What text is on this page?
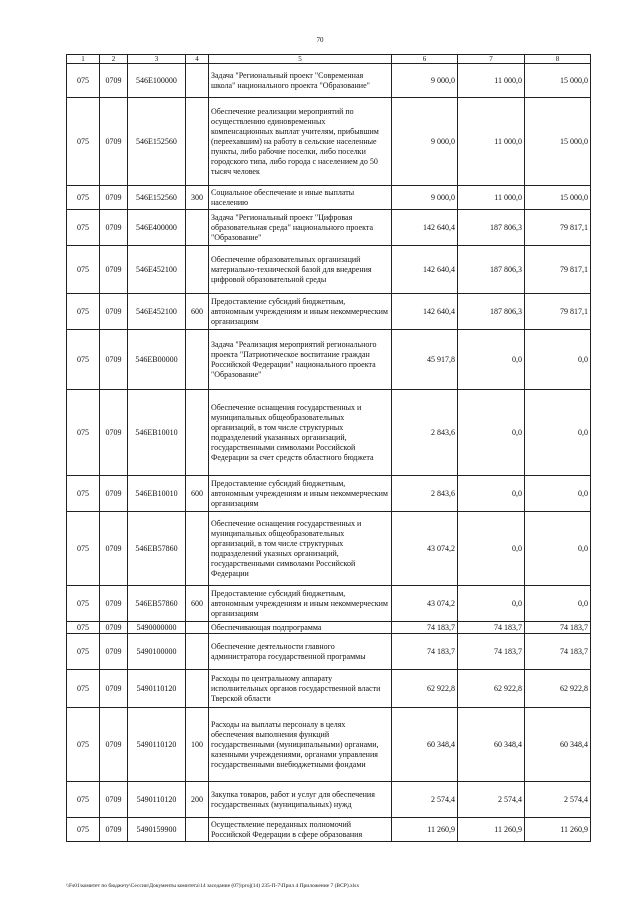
70
1	2	3	4	5	6	7	8
075	0709	546E100000		Задача "Региональный проект "Современная школа" национального проекта "Образование"	9 000,0	11 000,0	15 000,0
075	0709	546E152560		Обеспечение реализации мероприятий по осуществлению единовременных компенсационных выплат учителям, прибывшим (переехавшим) на работу в сельские населенные пункты, либо рабочие поселки, либо поселки городского типа, либо города с населением до 50 тысяч человек	9 000,0	11 000,0	15 000,0
075	0709	546E152560	300	Социальное обеспечение и иные выплаты населению	9 000,0	11 000,0	15 000,0
075	0709	546E400000		Задача "Региональный проект "Цифровая образовательная среда" национального проекта "Образование"	142 640,4	187 806,3	79 817,1
075	0709	546E452100		Обеспечение образовательных организаций материально-технической базой для внедрения цифровой образовательной среды	142 640,4	187 806,3	79 817,1
075	0709	546E452100	600	Предоставление субсидий бюджетным, автономным учреждениям и иным некоммерческим организациям	142 640,4	187 806,3	79 817,1
075	0709	546EB00000		Задача "Реализация мероприятий регионального проекта "Патриотическое воспитание граждан Российской Федерации" национального проекта "Образование"	45 917,8	0,0	0,0
075	0709	546EB10010		Обеспечение оснащения государственных и муниципальных общеобразовательных организаций, в том числе структурных подразделений указанных организаций, государственными символами Российской Федерации за счет средств областного бюджета	2 843,6	0,0	0,0
075	0709	546EB10010	600	Предоставление субсидий бюджетным, автономным учреждениям и иным некоммерческим организациям	2 843,6	0,0	0,0
075	0709	546EB57860		Обеспечение оснащения государственных и муниципальных общеобразовательных организаций, в том числе структурных подразделений указных организаций, государственными символами Российской Федерации	43 074,2	0,0	0,0
075	0709	546EB57860	600	Предоставление субсидий бюджетным, автономным учреждениям и иным некоммерческим организациям	43 074,2	0,0	0,0
075	0709	5490000000		Обеспечивающая подпрограмма	74 183,7	74 183,7	74 183,7
075	0709	5490100000		Обеспечение деятельности главного администратора государственной программы	74 183,7	74 183,7	74 183,7
075	0709	5490110120		Расходы по центральному аппарату исполнительных органов государственной власти Тверской области	62 922,8	62 922,8	62 922,8
075	0709	5490110120	100	Расходы на выплаты персоналу в целях обеспечения выполнения функций государственными (муниципальными) органами, казенными учреждениями, органами управления государственными внебюджетными фондами	60 348,4	60 348,4	60 348,4
075	0709	5490110120	200	Закупка товаров, работ и услуг для обеспечения государственных (муниципальных) нужд	2 574,4	2 574,4	2 574,4
075	0709	5490159900		Осуществление переданных полномочий Российской Федерации в сфере образования	11 260,9	11 260,9	11 260,9
\\Fs01\комитет по бюджету\Сессии\Документы комитета\14 заседание (07)\proj(14) 235-П-7\Прил 4 Приложение 7 (ВСР).xlsx
